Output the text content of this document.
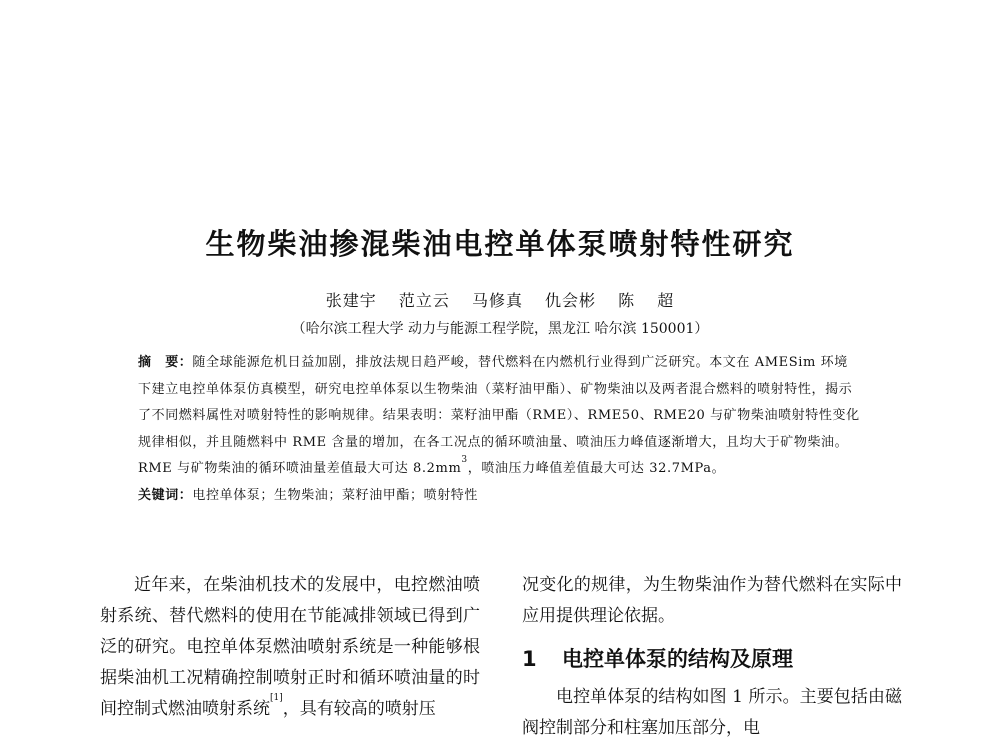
生物柴油掺混柴油电控单体泵喷射特性研究
张建宇 范立云 马修真 仇会彬 陈 超
（哈尔滨工程大学 动力与能源工程学院，黑龙江 哈尔滨 150001）

摘　要：随全球能源危机日益加剧，排放法规日趋严峻，替代燃料在内燃机行业得到广泛研究。本文在 AMESim 环境下建立电控单体泵仿真模型，研究电控单体泵以生物柴油（菜籽油甲酯）、矿物柴油以及两者混合燃料的喷射特性，揭示了不同燃料属性对喷射特性的影响规律。结果表明：菜籽油甲酯（RME）、RME50、RME20 与矿物柴油喷射特性变化规律相似，并且随燃料中 RME 含量的增加，在各工况点的循环喷油量、喷油压力峰值逐渐增大，且均大于矿物柴油。RME 与矿物柴油的循环喷油量差值最大可达 $8.2mm^3$，喷油压力峰值差值最大可达 32.7MPa。

关键词：电控单体泵；生物柴油；菜籽油甲酯；喷射特性

近年来，在柴油机技术的发展中，电控燃油喷射系统、替代燃料的使用在节能减排领域已得到广泛的研究。电控单体泵燃油喷射系统是一种能够根据柴油机工况精确控制喷射正时和循环喷油量的时间控制式燃油喷射系统[1]，具有较高的喷射压

况变化的规律，为生物柴油作为替代燃料在实际中应用提供理论依据。

1 电控单体泵的结构及原理

电控单体泵的结构如图 1 所示。主要包括由磁阀控制部分和柱塞加压部分，电
